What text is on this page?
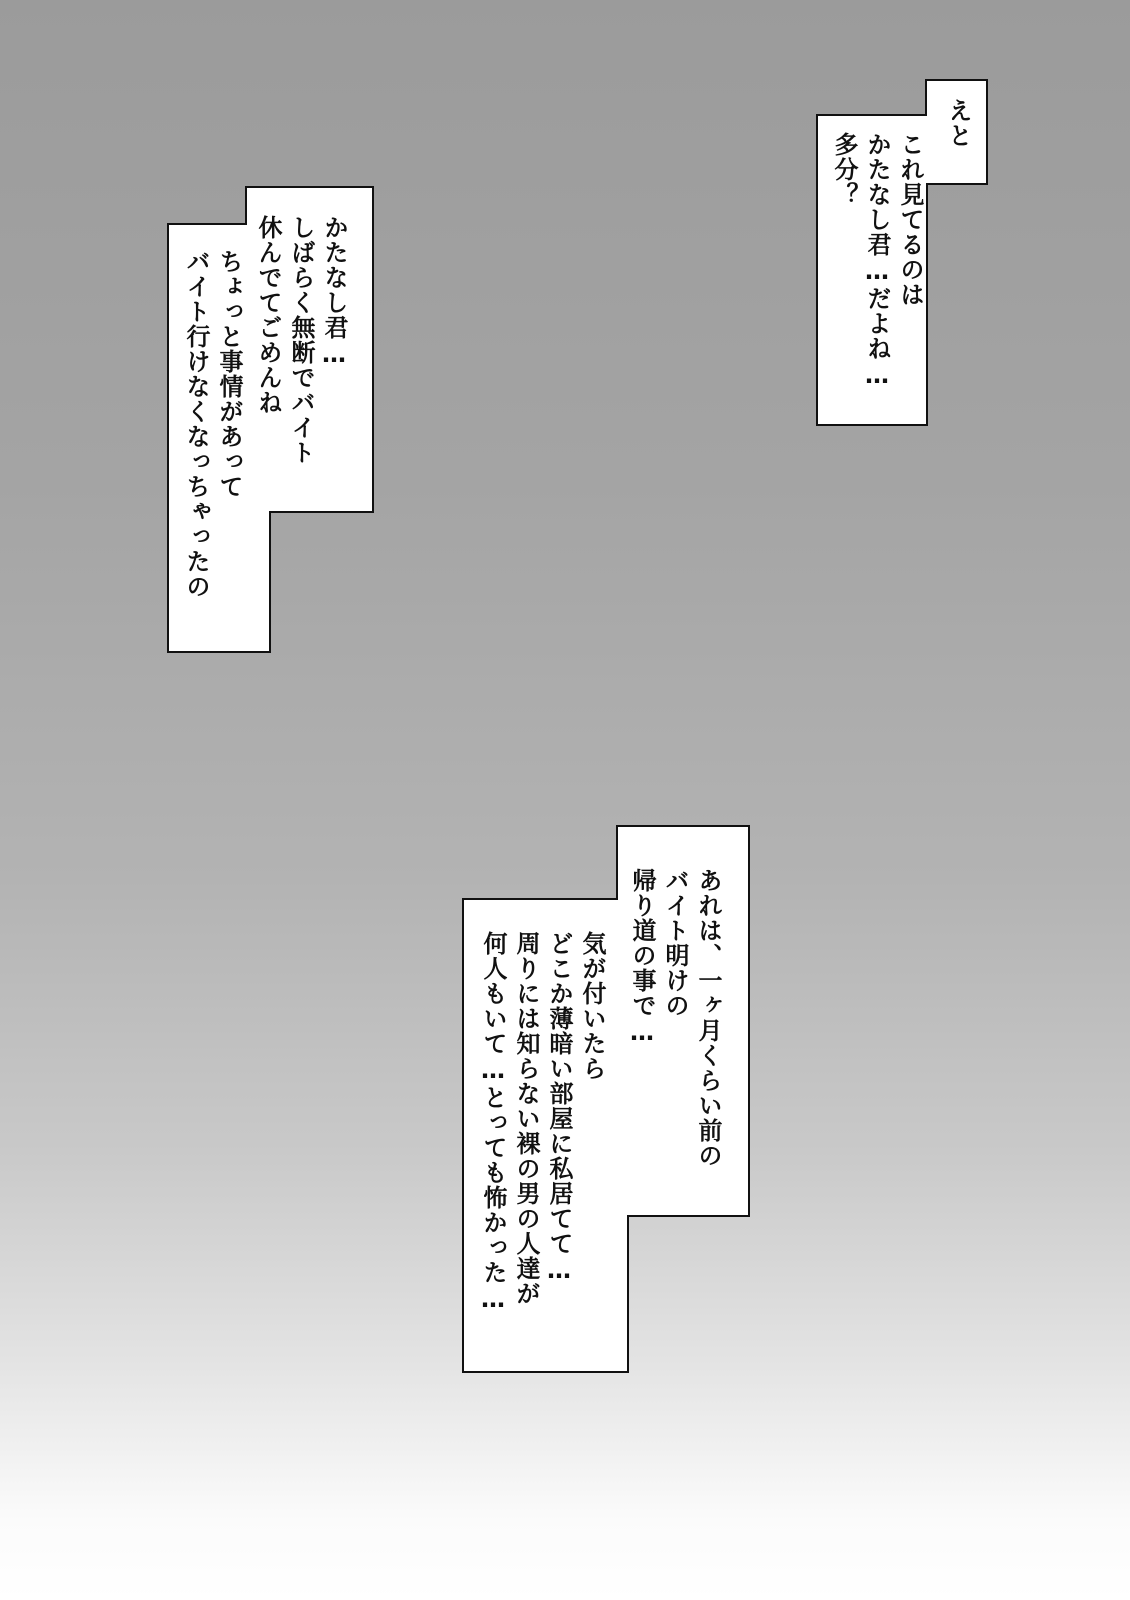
えと
これ見てるのは
かたなし君…だよね…
多分？
かたなし君…
しばらく無断でバイト
休んでてごめんね
ちょっと事情があって
バイト行けなくなっちゃったの
あれは、一ヶ月くらい前の
バイト明けの
帰り道の事で…
気が付いたら
どこか薄暗い部屋に私居てて…
周りには知らない裸の男の人達が
何人もいて…とっても怖かった…
